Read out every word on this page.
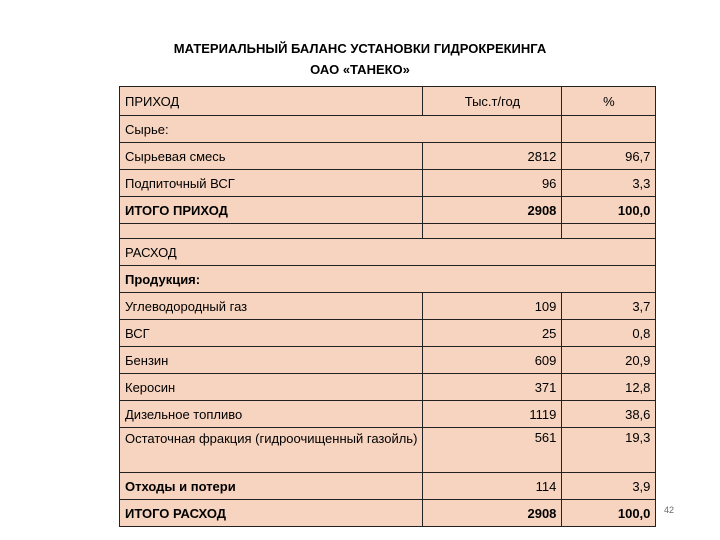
МАТЕРИАЛЬНЫЙ БАЛАНС УСТАНОВКИ ГИДРОКРЕКИНГА
ОАО «ТАНЕКО»
ПРИХОД	Тыс.т/год	%
Сырье:		
Сырьевая смесь	2812	96,7
Подпиточный ВСГ	96	3,3
ИТОГО ПРИХОД	2908	100,0

РАСХОД		
Продукция:		
Углеводородный газ	109	3,7
ВСГ	25	0,8
Бензин	609	20,9
Керосин	371	12,8
Дизельное топливо	1119	38,6
Остаточная фракция (гидроочищенный газойль)	561	19,3
Отходы и потери	114	3,9
ИТОГО РАСХОД	2908	100,0 42
